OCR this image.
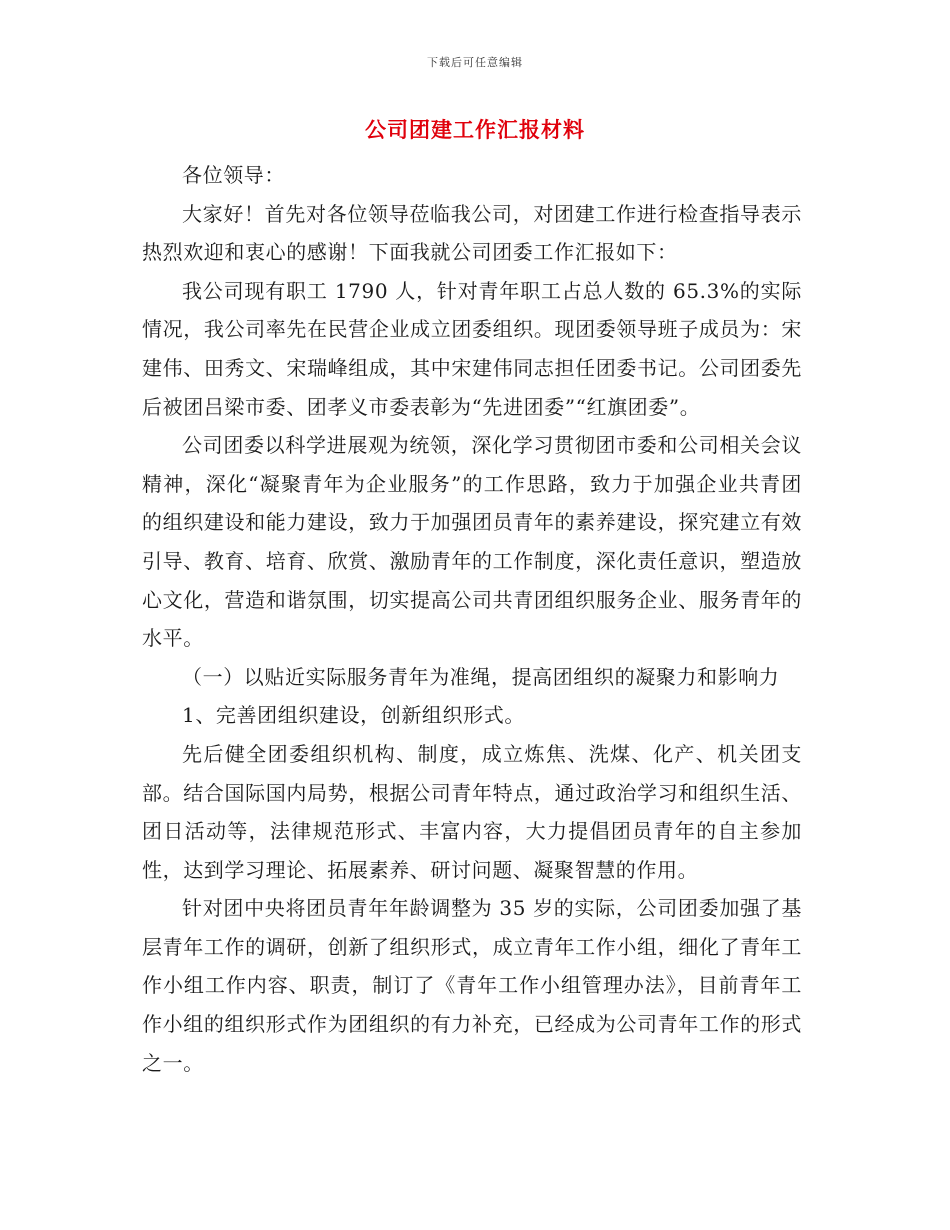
下载后可任意编辑
公司团建工作汇报材料

各位领导：

大家好！首先对各位领导莅临我公司，对团建工作进行检查指导表示热烈欢迎和衷心的感谢！下面我就公司团委工作汇报如下：

我公司现有职工 1790 人，针对青年职工占总人数的 65.3%的实际情况，我公司率先在民营企业成立团委组织。现团委领导班子成员为：宋建伟、田秀文、宋瑞峰组成，其中宋建伟同志担任团委书记。公司团委先后被团吕梁市委、团孝义市委表彰为“先进团委”“红旗团委”。

公司团委以科学进展观为统领，深化学习贯彻团市委和公司相关会议精神，深化“凝聚青年为企业服务”的工作思路，致力于加强企业共青团的组织建设和能力建设，致力于加强团员青年的素养建设，探究建立有效引导、教育、培育、欣赏、激励青年的工作制度，深化责任意识，塑造放心文化，营造和谐氛围，切实提高公司共青团组织服务企业、服务青年的水平。

（一）以贴近实际服务青年为准绳，提高团组织的凝聚力和影响力

1、完善团组织建设，创新组织形式。

先后健全团委组织机构、制度，成立炼焦、洗煤、化产、机关团支部。结合国际国内局势，根据公司青年特点，通过政治学习和组织生活、团日活动等，法律规范形式、丰富内容，大力提倡团员青年的自主参加性，达到学习理论、拓展素养、研讨问题、凝聚智慧的作用。

针对团中央将团员青年年龄调整为 35 岁的实际，公司团委加强了基层青年工作的调研，创新了组织形式，成立青年工作小组，细化了青年工作小组工作内容、职责，制订了《青年工作小组管理办法》，目前青年工作小组的组织形式作为团组织的有力补充，已经成为公司青年工作的形式之一。
